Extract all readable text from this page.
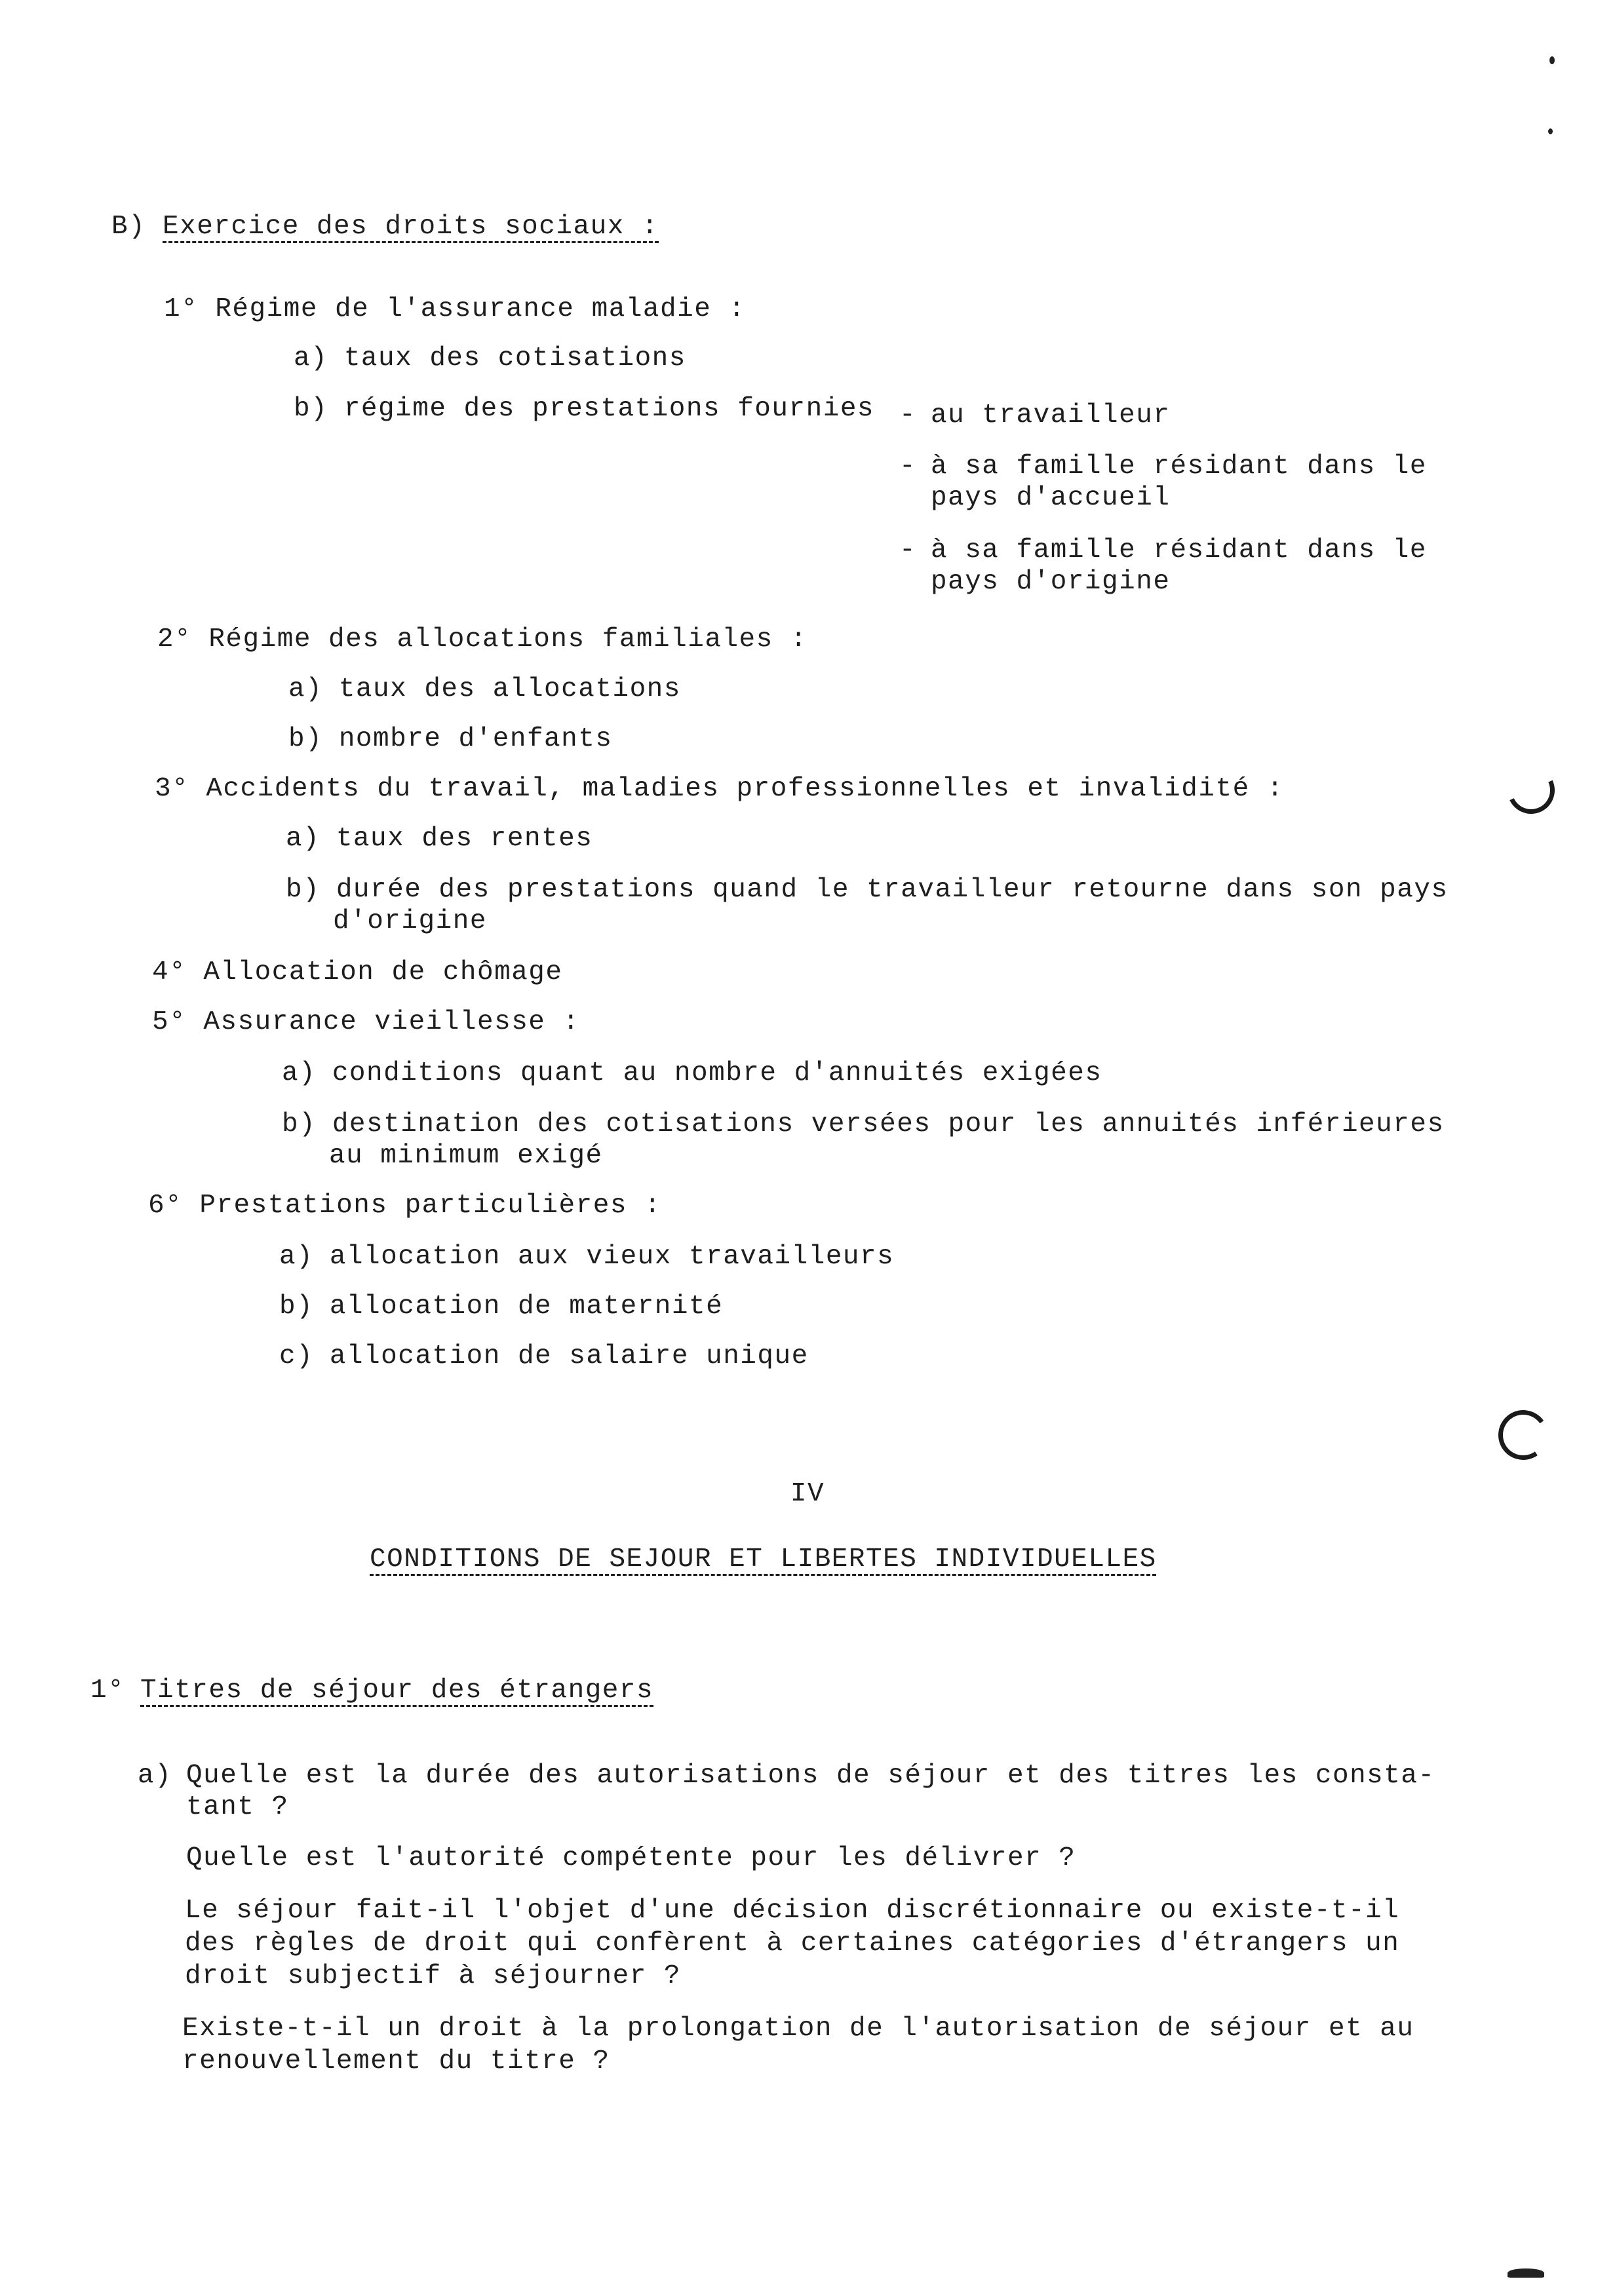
B) Exercice des droits sociaux :
1° Régime de l'assurance maladie :
a) taux des cotisations
b) régime des prestations fournies - au travailleur
- à sa famille résidant dans le
pays d'accueil
- à sa famille résidant dans le
pays d'origine
2° Régime des allocations familiales :
a) taux des allocations
b) nombre d'enfants
3° Accidents du travail, maladies professionnelles et invalidité :
a) taux des rentes
b) durée des prestations quand le travailleur retourne dans son pays
d'origine
4° Allocation de chômage
5° Assurance vieillesse :
a) conditions quant au nombre d'annuités exigées
b) destination des cotisations versées pour les annuités inférieures
au minimum exigé
6° Prestations particulières :
a) allocation aux vieux travailleurs
b) allocation de maternité
c) allocation de salaire unique
IV
CONDITIONS DE SEJOUR ET LIBERTES INDIVIDUELLES
1° Titres de séjour des étrangers
a) Quelle est la durée des autorisations de séjour et des titres les consta-
tant ?
Quelle est l'autorité compétente pour les délivrer ?
Le séjour fait-il l'objet d'une décision discrétionnaire ou existe-t-il
des règles de droit qui confèrent à certaines catégories d'étrangers un
droit subjectif à séjourner ?
Existe-t-il un droit à la prolongation de l'autorisation de séjour et au
renouvellement du titre ?
